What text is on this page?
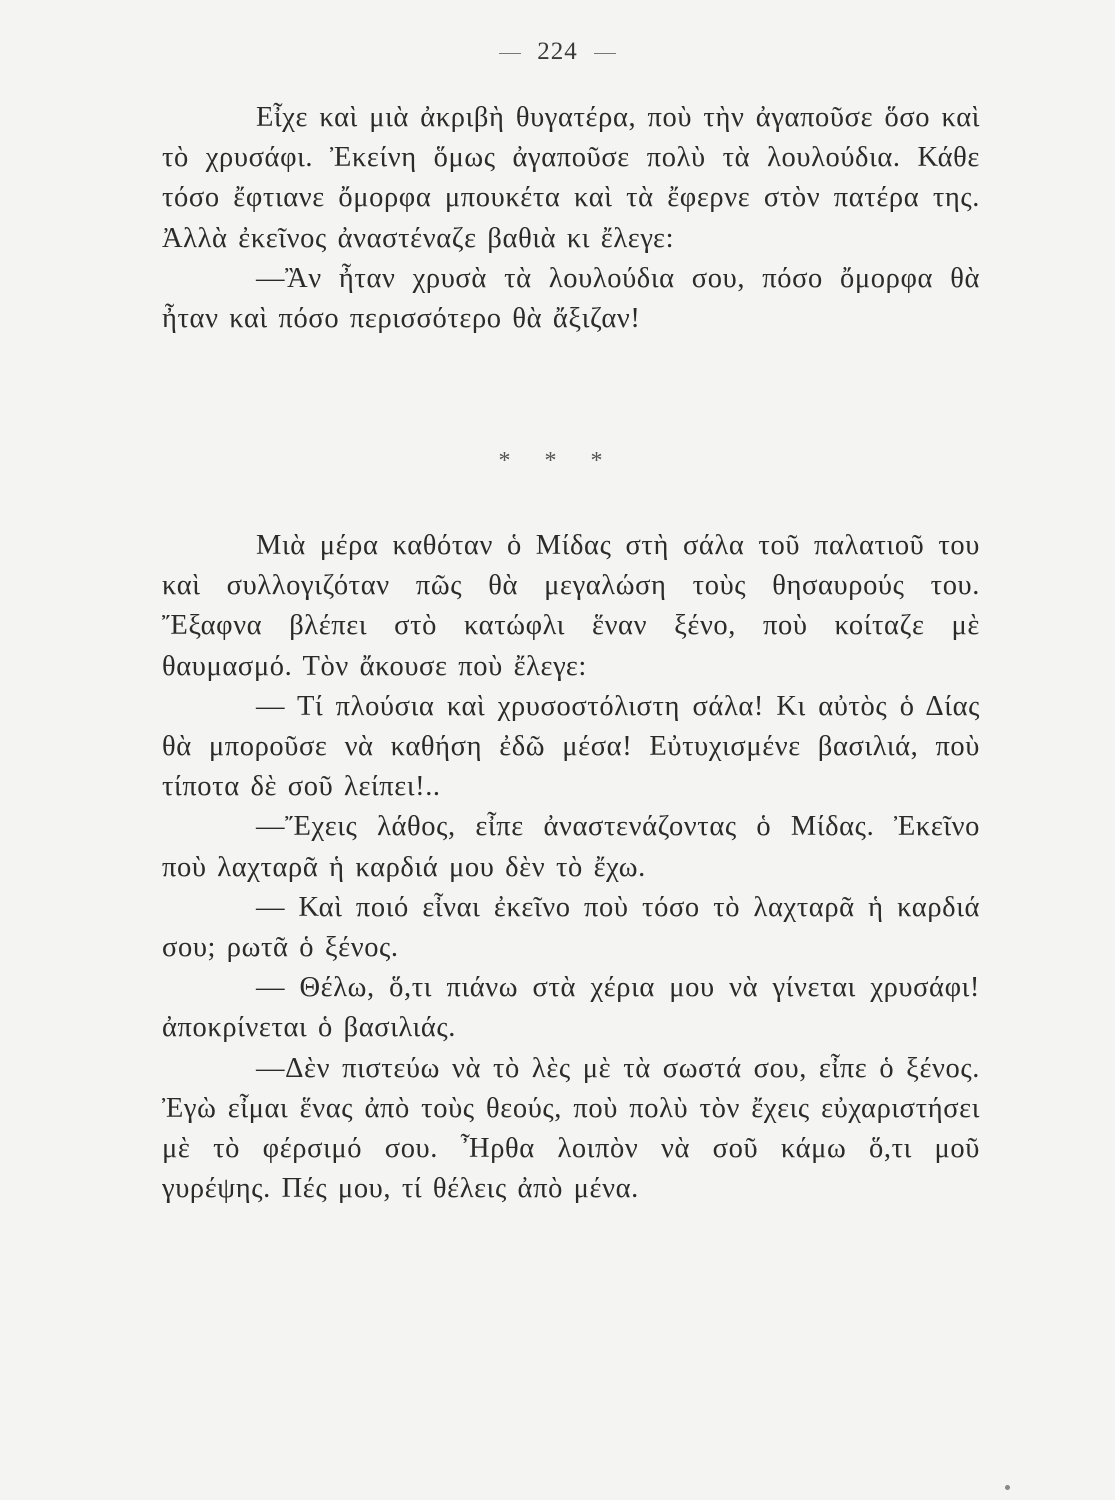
224

Εἶχε καὶ μιὰ ἀκριβὴ θυγατέρα, ποὺ τὴν ἀγαποῦσε ὅσο καὶ τὸ χρυσάφι. Ἐκείνη ὅμως ἀγαποῦσε πολὺ τὰ λουλούδια. Κάθε τόσο ἔφτιανε ὄμορφα μπουκέτα καὶ τὰ ἔφερνε στὸν πατέρα της. Ἀλλὰ ἐκεῖνος ἀναστέναζε βαθιὰ κι ἔλεγε:

—Ἂν ἦταν χρυσὰ τὰ λουλούδια σου, πόσο ὄμορφα θὰ ἦταν καὶ πόσο περισσότερο θὰ ἄξιζαν!

* * *

Μιὰ μέρα καθόταν ὁ Μίδας στὴ σάλα τοῦ παλατιοῦ του καὶ συλλογιζόταν πῶς θὰ μεγαλώση τοὺς θησαυρούς του. Ἔξαφνα βλέπει στὸ κατώφλι ἕναν ξένο, ποὺ κοίταζε μὲ θαυμασμό. Τὸν ἄκουσε ποὺ ἔλεγε:

— Τί πλούσια καὶ χρυσοστόλιστη σάλα! Κι αὐτὸς ὁ Δίας θὰ μποροῦσε νὰ καθήση ἐδῶ μέσα! Εὐτυχισμένε βασιλιά, ποὺ τίποτα δὲ σοῦ λείπει!..

—Ἔχεις λάθος, εἶπε ἀναστενάζοντας ὁ Μίδας. Ἐκεῖνο ποὺ λαχταρᾶ ἡ καρδιά μου δὲν τὸ ἔχω.

— Καὶ ποιό εἶναι ἐκεῖνο ποὺ τόσο τὸ λαχταρᾶ ἡ καρδιά σου; ρωτᾶ ὁ ξένος.

— Θέλω, ὅ,τι πιάνω στὰ χέρια μου νὰ γίνεται χρυσάφι! ἀποκρίνεται ὁ βασιλιάς.

—Δὲν πιστεύω νὰ τὸ λὲς μὲ τὰ σωστά σου, εἶπε ὁ ξένος. Ἐγὼ εἶμαι ἕνας ἀπὸ τοὺς θεούς, ποὺ πολὺ τὸν ἔχεις εὐχαριστήσει μὲ τὸ φέρσιμό σου. Ἦρθα λοιπὸν νὰ σοῦ κάμω ὅ,τι μοῦ γυρέψης. Πές μου, τί θέλεις ἀπὸ μένα.
